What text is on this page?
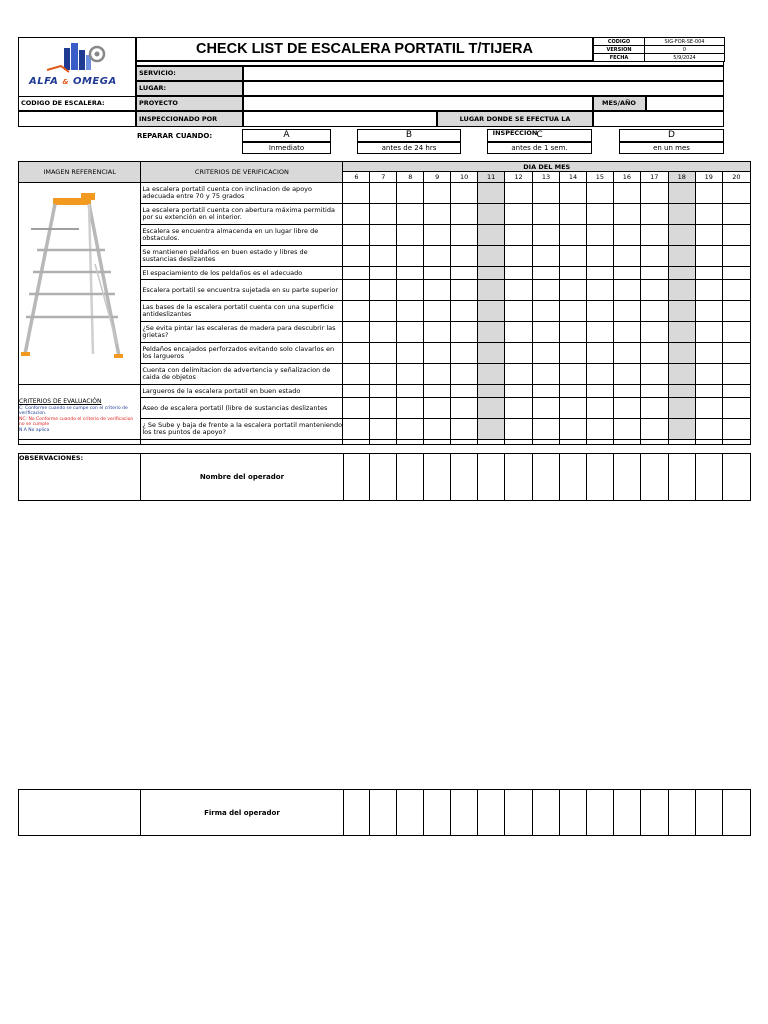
ALFA & OMEGA
CHECK LIST DE ESCALERA PORTATIL T/TIJERA	CODIGO	SIG-FOR-SE-004
VERSION	0
FECHA	5/9/2024
SERVICIO:
LUGAR:
CODIGO DE ESCALERA:	PROYECTO	MES/AÑO
INSPECCIONADO POR	LUGAR DONDE SE EFECTUA LA INSPECCION
REPARAR CUANDO:	A
Inmediato
B
antes de 24 hrs
C
antes de 1 sem.
D
en un mes
IMAGEN REFERENCIAL	CRITERIOS DE VERIFICACION	DIA DEL MES														
		6	7	8	9	10	11	12	13	14	15	16	17	18	19	20
	La escalera portatil cuenta con inclinacion de apoyo adecuada entre 70 y 75 grados															
	La escalera portatil cuenta con abertura máxima permitida por su extención en el interior.															
	Escalera se encuentra almacenda en un lugar libre de obstaculos.															
	Se mantienen peldaños en buen estado y libres de sustancias deslizantes															
	El espaciamiento de los peldaños es el adecuado															
	Escalera portatil se encuentra sujetada en su parte superior															
	Las bases de la escalera portatil cuenta con una superficie antideslizantes															
	¿Se evita pintar las escaleras de madera para descubrir las grietas?															
	Peldaños encajados perforzados evitando solo clavarlos en los largueros															
	Cuenta con delimitacion de advertencia y señalizacion de caida de objetos															
	Largueros de la escalera portatil en buen estado															
	Aseo de escalera portatil (libre de sustancias deslizantes															
	¿ Se Sube y baja de frente a la escalera portatil manteniendo los tres puntos de apoyo?															

CRITERIOS DE EVALUACIÓN
C: Conforme cuando se cumpe con el criterio de verificacion.
NC: No Conforme cuando el criterio de verificacion no se cumple
N.A No aplica
OBSERVACIONES:	Nombre del operador															
	Firma del operador															
